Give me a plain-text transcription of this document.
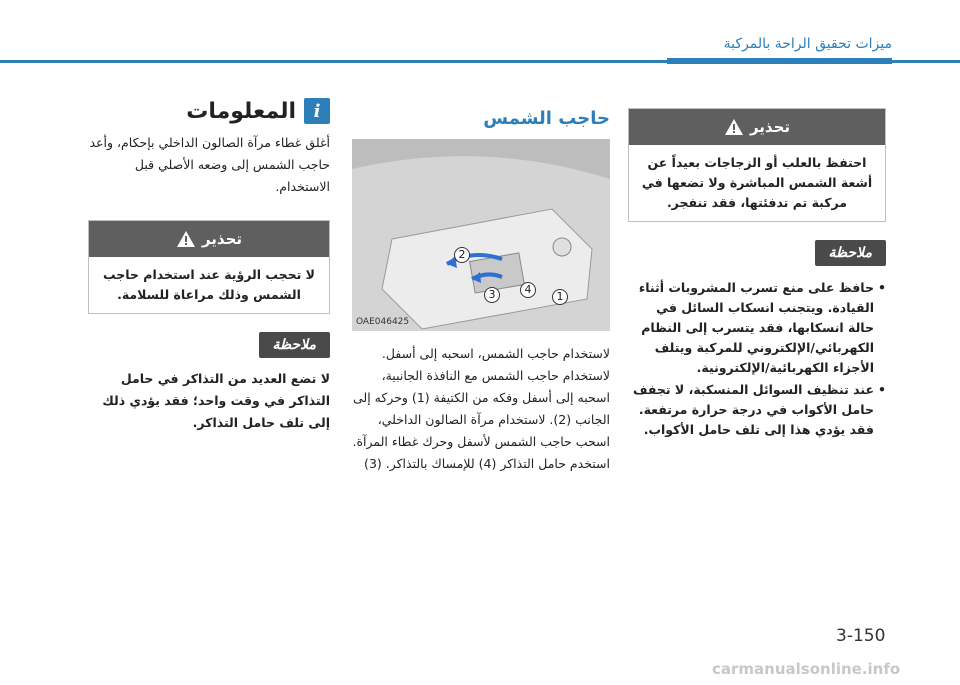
ميزات تحقيق الراحة بالمركبة
تحذير
احتفظ بالعلب أو الزجاجات بعيداً عن أشعة الشمس المباشرة ولا تضعها في مركبة تم تدفئتها، فقد تنفجر.
ملاحظة
• حافظ على منع تسرب المشروبات أثناء القيادة. ويتجنب انسكاب السائل في حالة انسكابها، فقد يتسرب إلى النظام الكهربائي/الإلكتروني للمركبة ويتلف الأجزاء الكهربائية/الإلكترونية.
• عند تنظيف السوائل المنسكبة، لا تجفف حامل الأكواب في درجة حرارة مرتفعة. فقد يؤدي هذا إلى تلف حامل الأكواب.
حاجب الشمس
1
2
3	4
OAE046425
لاستخدام حاجب الشمس، اسحبه إلى أسفل. لاستخدام حاجب الشمس مع النافذة الجانبية، اسحبه إلى أسفل وفكه من الكتيفة (1) وحركه إلى الجانب (2). لاستخدام مرآة الصالون الداخلي، اسحب حاجب الشمس لأسفل وحرك غطاء المرآة. استخدم حامل التذاكر (4) للإمساك بالتذاكر. (3)
i
المعلومات
أغلق غطاء مرآة الصالون الداخلي بإحكام، وأعد حاجب الشمس إلى وضعه الأصلي قبل الاستخدام.
تحذير
لا تحجب الرؤية عند استخدام حاجب الشمس وذلك مراعاة للسلامة.
ملاحظة
لا تضع العديد من التذاكر في حامل التذاكر في وقت واحد؛ فقد يؤدي ذلك إلى تلف حامل التذاكر.
3-150
carmanualsonline.info
